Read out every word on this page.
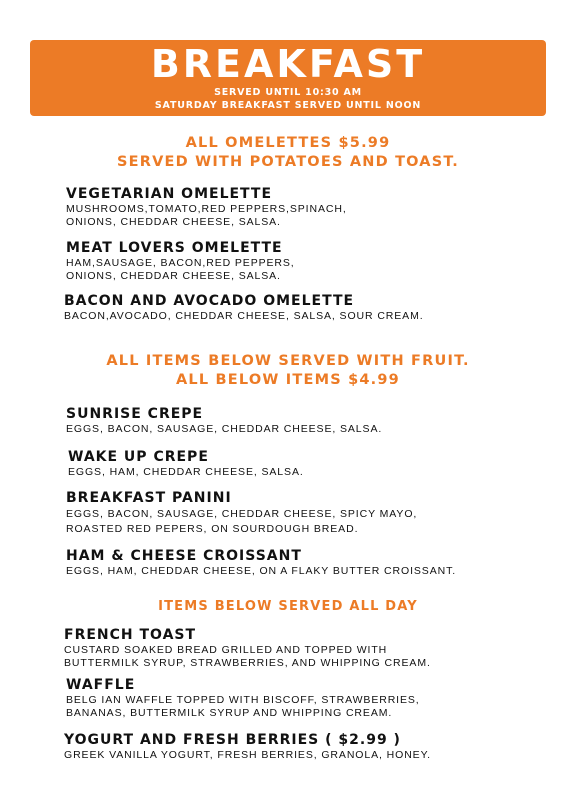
BREAKFAST
SERVED UNTIL 10:30 AM
SATURDAY BREAKFAST SERVED UNTIL NOON
ALL OMELETTES $5.99
SERVED WITH POTATOES AND TOAST.
VEGETARIAN OMELETTE
MUSHROOMS,TOMATO,RED PEPPERS,SPINACH,
ONIONS, CHEDDAR CHEESE, SALSA.
MEAT LOVERS OMELETTE
HAM,SAUSAGE, BACON,RED PEPPERS,
ONIONS, CHEDDAR CHEESE, SALSA.
BACON AND AVOCADO OMELETTE
BACON,AVOCADO, CHEDDAR CHEESE, SALSA, SOUR CREAM.
ALL ITEMS BELOW SERVED WITH FRUIT.
ALL BELOW ITEMS $4.99
SUNRISE CREPE
EGGS, BACON, SAUSAGE, CHEDDAR CHEESE, SALSA.
WAKE UP CREPE
EGGS, HAM, CHEDDAR CHEESE, SALSA.
BREAKFAST PANINI
EGGS, BACON, SAUSAGE, CHEDDAR CHEESE, SPICY MAYO,
ROASTED RED PEPERS, ON SOURDOUGH BREAD.
HAM & CHEESE CROISSANT
EGGS, HAM, CHEDDAR CHEESE, ON A FLAKY BUTTER CROISSANT.
ITEMS BELOW SERVED ALL DAY
FRENCH TOAST
CUSTARD SOAKED BREAD GRILLED AND TOPPED WITH
BUTTERMILK SYRUP, STRAWBERRIES, AND WHIPPING CREAM.
WAFFLE
BELG IAN WAFFLE TOPPED WITH BISCOFF, STRAWBERRIES,
BANANAS, BUTTERMILK SYRUP AND WHIPPING CREAM.
YOGURT AND FRESH BERRIES ( $2.99 )
GREEK VANILLA YOGURT, FRESH BERRIES, GRANOLA, HONEY.
